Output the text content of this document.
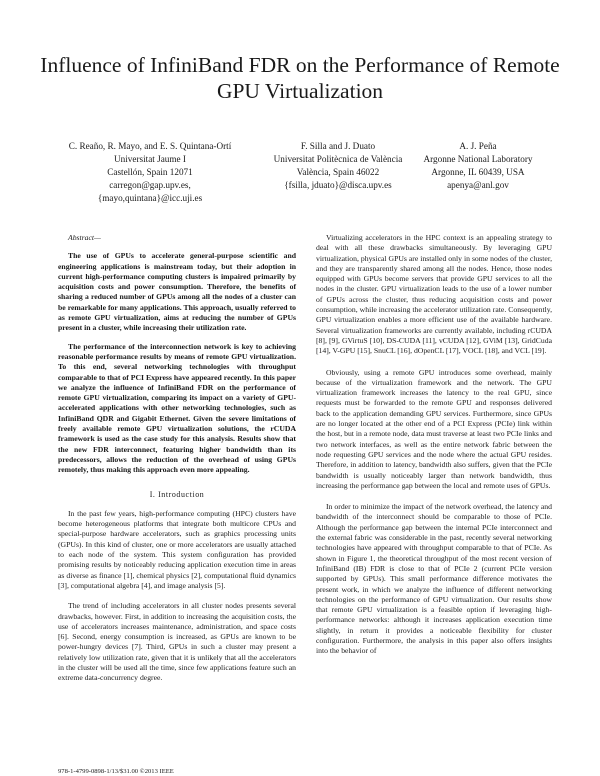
Influence of InfiniBand FDR on the Performance of Remote GPU Virtualization
C. Reaño, R. Mayo, and E. S. Quintana-Ortí
Universitat Jaume I
Castellón, Spain 12071
carregon@gap.upv.es, {mayo,quintana}@icc.uji.es
F. Silla and J. Duato
Universitat Politècnica de València
València, Spain 46022
{fsilla, jduato}@disca.upv.es
A. J. Peña
Argonne National Laboratory
Argonne, IL 60439, USA
apenya@anl.gov

Abstract—

The use of GPUs to accelerate general-purpose scientific and engineering applications is mainstream today, but their adoption in current high-performance computing clusters is impaired primarily by acquisition costs and power consumption. Therefore, the benefits of sharing a reduced number of GPUs among all the nodes of a cluster can be remarkable for many applications. This approach, usually referred to as remote GPU virtualization, aims at reducing the number of GPUs present in a cluster, while increasing their utilization rate.

The performance of the interconnection network is key to achieving reasonable performance results by means of remote GPU virtualization. To this end, several networking technologies with throughput comparable to that of PCI Express have appeared recently. In this paper we analyze the influence of InfiniBand FDR on the performance of remote GPU virtualization, comparing its impact on a variety of GPU-accelerated applications with other networking technologies, such as InfiniBand QDR and Gigabit Ethernet. Given the severe limitations of freely available remote GPU virtualization solutions, the rCUDA framework is used as the case study for this analysis. Results show that the new FDR interconnect, featuring higher bandwidth than its predecessors, allows the reduction of the overhead of using GPUs remotely, thus making this approach even more appealing.

I. Introduction

In the past few years, high-performance computing (HPC) clusters have become heterogeneous platforms that integrate both multicore CPUs and special-purpose hardware accelerators, such as graphics processing units (GPUs). In this kind of cluster, one or more accelerators are usually attached to each node of the system. This system configuration has provided promising results by noticeably reducing application execution time in areas as diverse as finance [1], chemical physics [2], computational fluid dynamics [3], computational algebra [4], and image analysis [5].

The trend of including accelerators in all cluster nodes presents several drawbacks, however. First, in addition to increasing the acquisition costs, the use of accelerators increases maintenance, administration, and space costs [6]. Second, energy consumption is increased, as GPUs are known to be power-hungry devices [7]. Third, GPUs in such a cluster may present a relatively low utilization rate, given that it is unlikely that all the accelerators in the cluster will be used all the time, since few applications feature such an extreme data-concurrency degree.

Virtualizing accelerators in the HPC context is an appealing strategy to deal with all these drawbacks simultaneously. By leveraging GPU virtualization, physical GPUs are installed only in some nodes of the cluster, and they are transparently shared among all the nodes. Hence, those nodes equipped with GPUs become servers that provide GPU services to all the nodes in the cluster. GPU virtualization leads to the use of a lower number of GPUs across the cluster, thus reducing acquisition costs and power consumption, while increasing the accelerator utilization rate. Consequently, GPU virtualization enables a more efficient use of the available hardware. Several virtualization frameworks are currently available, including rCUDA [8], [9], GVirtuS [10], DS-CUDA [11], vCUDA [12], GViM [13], GridCuda [14], V-GPU [15], SnuCL [16], dOpenCL [17], VOCL [18], and VCL [19].

Obviously, using a remote GPU introduces some overhead, mainly because of the virtualization framework and the network. The GPU virtualization framework increases the latency to the real GPU, since requests must be forwarded to the remote GPU and responses delivered back to the application demanding GPU services. Furthermore, since GPUs are no longer located at the other end of a PCI Express (PCIe) link within the host, but in a remote node, data must traverse at least two PCIe links and two network interfaces, as well as the entire network fabric between the node requesting GPU services and the node where the actual GPU resides. Therefore, in addition to latency, bandwidth also suffers, given that the PCIe bandwidth is usually noticeably larger than network bandwidth, thus increasing the performance gap between the local and remote uses of GPUs.

In order to minimize the impact of the network overhead, the latency and bandwidth of the interconnect should be comparable to those of PCIe. Although the performance gap between the internal PCIe interconnect and the external fabric was considerable in the past, recently several networking technologies have appeared with throughput comparable to that of PCIe. As shown in Figure 1, the theoretical throughput of the most recent version of InfiniBand (IB) FDR is close to that of PCIe 2 (current PCIe version supported by GPUs). This small performance difference motivates the present work, in which we analyze the influence of different networking technologies on the performance of GPU virtualization. Our results show that remote GPU virtualization is a feasible option if leveraging high-performance networks: although it increases application execution time slightly, in return it provides a noticeable flexibility for cluster configuration. Furthermore, the analysis in this paper also offers insights into the behavior of

978-1-4799-0898-1/13/$31.00 ©2013 IEEE
